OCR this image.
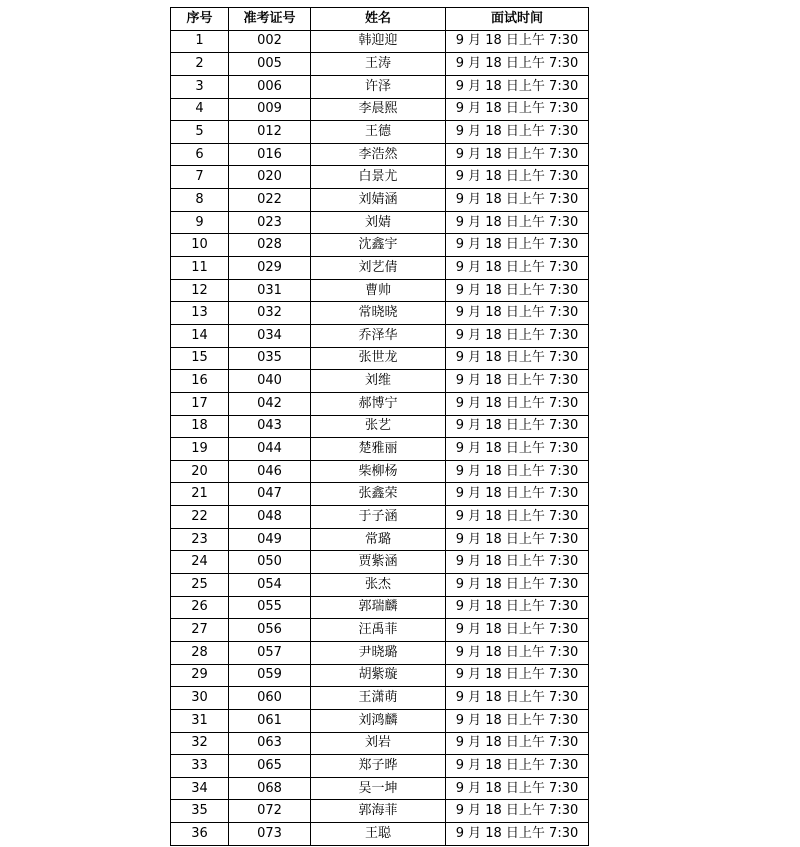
序号	准考证号	姓名	面试时间
1	002	韩迎迎	9 月 18 日上午 7:30
2	005	王涛	9 月 18 日上午 7:30
3	006	许泽	9 月 18 日上午 7:30
4	009	李晨熙	9 月 18 日上午 7:30
5	012	王德	9 月 18 日上午 7:30
6	016	李浩然	9 月 18 日上午 7:30
7	020	白景尤	9 月 18 日上午 7:30
8	022	刘婧涵	9 月 18 日上午 7:30
9	023	刘婧	9 月 18 日上午 7:30
10	028	沈鑫宇	9 月 18 日上午 7:30
11	029	刘艺倩	9 月 18 日上午 7:30
12	031	曹帅	9 月 18 日上午 7:30
13	032	常晓晓	9 月 18 日上午 7:30
14	034	乔泽华	9 月 18 日上午 7:30
15	035	张世龙	9 月 18 日上午 7:30
16	040	刘维	9 月 18 日上午 7:30
17	042	郝博宁	9 月 18 日上午 7:30
18	043	张艺	9 月 18 日上午 7:30
19	044	楚雅丽	9 月 18 日上午 7:30
20	046	柴柳杨	9 月 18 日上午 7:30
21	047	张鑫荣	9 月 18 日上午 7:30
22	048	于子涵	9 月 18 日上午 7:30
23	049	常璐	9 月 18 日上午 7:30
24	050	贾紫涵	9 月 18 日上午 7:30
25	054	张杰	9 月 18 日上午 7:30
26	055	郭瑞麟	9 月 18 日上午 7:30
27	056	汪禹菲	9 月 18 日上午 7:30
28	057	尹晓璐	9 月 18 日上午 7:30
29	059	胡紫璇	9 月 18 日上午 7:30
30	060	王潇萌	9 月 18 日上午 7:30
31	061	刘鸿麟	9 月 18 日上午 7:30
32	063	刘岩	9 月 18 日上午 7:30
33	065	郑子晔	9 月 18 日上午 7:30
34	068	吴一坤	9 月 18 日上午 7:30
35	072	郭海菲	9 月 18 日上午 7:30
36	073	王聪	9 月 18 日上午 7:30
